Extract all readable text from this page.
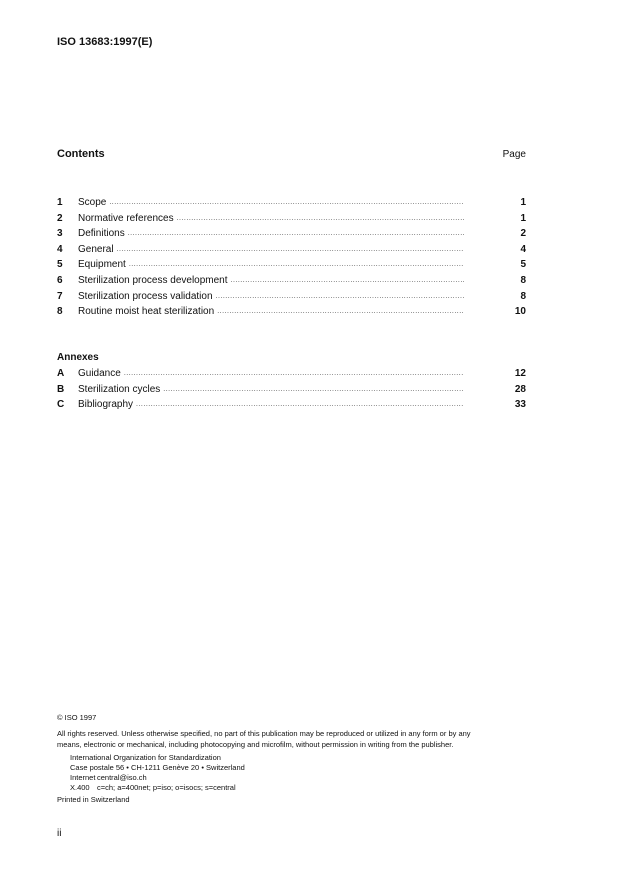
ISO 13683:1997(E)
Contents	Page
1	Scope .....	1
2	Normative references .....	1
3	Definitions .....	2
4	General .....	4
5	Equipment .....	5
6	Sterilization process development .....	8
7	Sterilization process validation .....	8
8	Routine moist heat sterilization .....	10
Annexes
A	Guidance .....	12
B	Sterilization cycles .....	28
C	Bibliography .....	33
© ISO 1997
All rights reserved. Unless otherwise specified, no part of this publication may be reproduced or utilized in any form or by any
means, electronic or mechanical, including photocopying and microfilm, without permission in writing from the publisher.
International Organization for Standardization
Case postale 56 • CH-1211 Genève 20 • Switzerland
Internet central@iso.ch
X.400 c=ch; a=400net; p=iso; o=isocs; s=central
Printed in Switzerland
ii
